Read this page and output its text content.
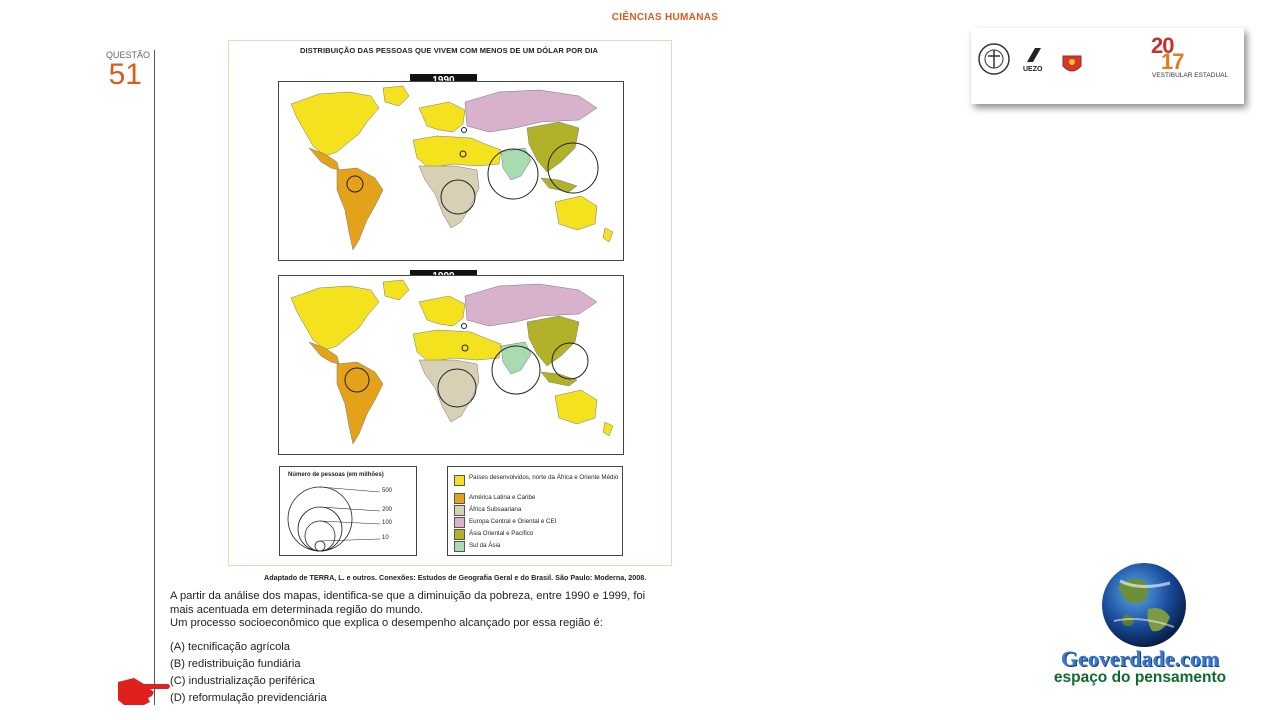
CIÊNCIAS HUMANAS
QUESTÃO
51
DISTRIBUIÇÃO DAS PESSOAS QUE VIVEM COM MENOS DE UM DÓLAR POR DIA
Número de pessoas (em milhões)
500
200
100
10
Países desenvolvidos, norte da África e Oriente Médio
América Latina e Caribe
África Subsaariana
Europa Central e Oriental e CEI
Ásia Oriental e Pacífico
Sul da Ásia
Adaptado de TERRA, L. e outros. Conexões: Estudos de Geografia Geral e do Brasil. São Paulo: Moderna, 2008.
A partir da análise dos mapas, identifica-se que a diminuição da pobreza, entre 1990 e 1999, foi
mais acentuada em determinada região do mundo.
Um processo socioeconômico que explica o desempenho alcançado por essa região é:
(A) tecnificação agrícola
(B) redistribuição fundiária
(C) industrialização periférica
(D) reformulação previdenciária
UEZO
20
17
VESTIBULAR ESTADUAL
Geoverdade.com
espaço do pensamento
